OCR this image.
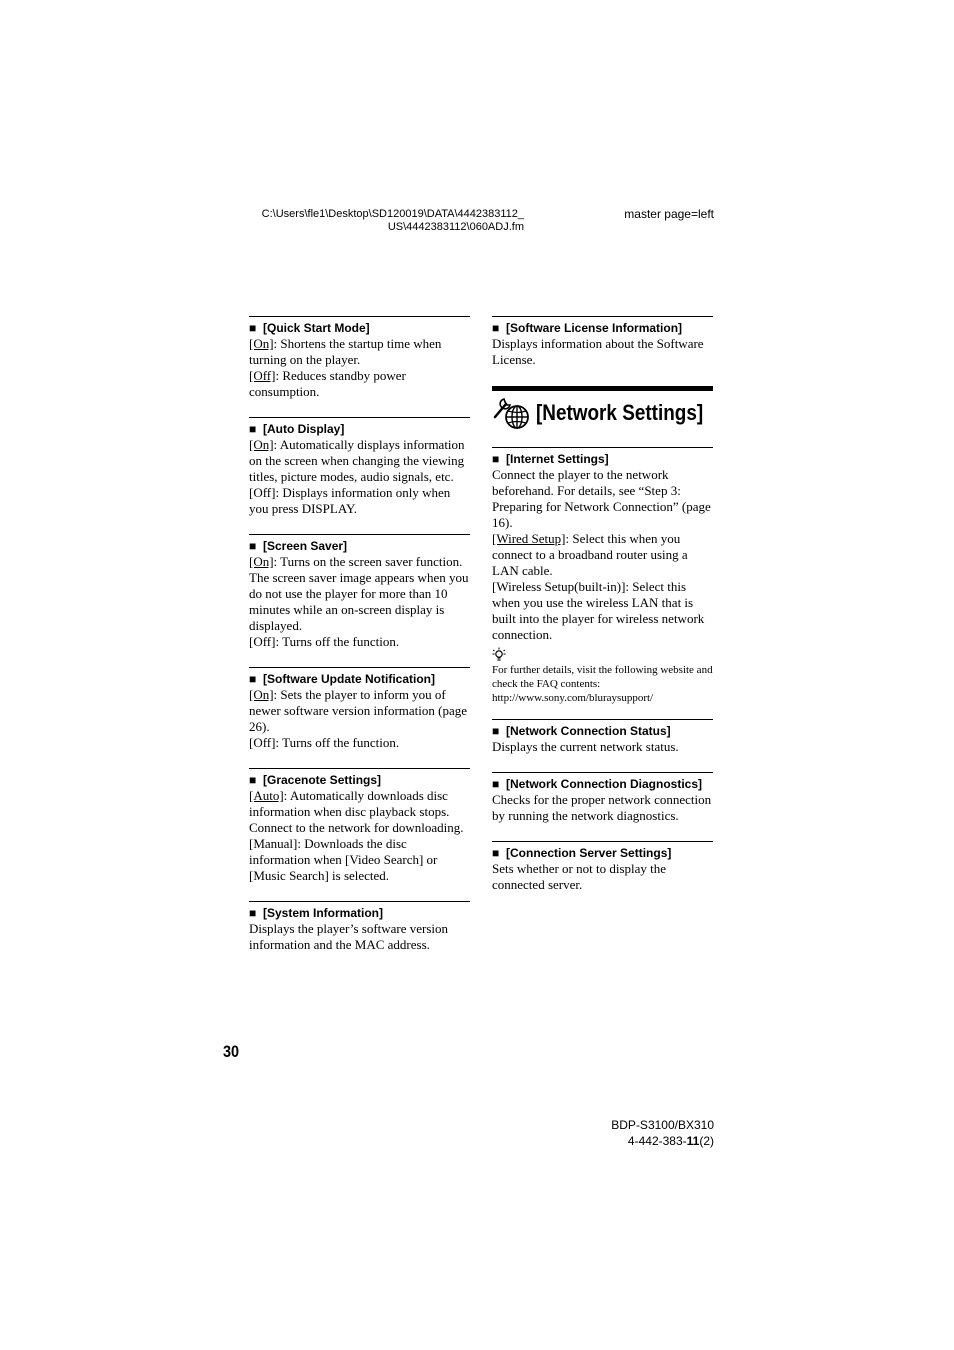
C:\Users\fle1\Desktop\SD120019\DATA\4442383112_
US\4442383112\060ADJ.fm
master page=left
■ [Quick Start Mode]

[On]: Shortens the startup time when turning on the player.
[Off]: Reduces standby power consumption.

■ [Auto Display]

[On]: Automatically displays information on the screen when changing the viewing titles, picture modes, audio signals, etc.
[Off]: Displays information only when you press DISPLAY.

■ [Screen Saver]

[On]: Turns on the screen saver function. The screen saver image appears when you do not use the player for more than 10 minutes while an on-screen display is displayed.
[Off]: Turns off the function.

■ [Software Update Notification]

[On]: Sets the player to inform you of newer software version information (page 26).
[Off]: Turns off the function.

■ [Gracenote Settings]

[Auto]: Automatically downloads disc information when disc playback stops. Connect to the network for downloading.
[Manual]: Downloads the disc information when [Video Search] or [Music Search] is selected.

■ [System Information]

Displays the player’s software version information and the MAC address.

■ [Software License Information]

Displays information about the Software License.

[Network Settings]
■ [Internet Settings]

Connect the player to the network beforehand. For details, see “Step 3: Preparing for Network Connection” (page 16).
[Wired Setup]: Select this when you connect to a broadband router using a LAN cable.
[Wireless Setup(built-in)]: Select this when you use the wireless LAN that is built into the player for wireless network connection.

For further details, visit the following website and check the FAQ contents:
http://www.sony.com/bluraysupport/

■ [Network Connection Status]

Displays the current network status.

■ [Network Connection Diagnostics]

Checks for the proper network connection by running the network diagnostics.

■ [Connection Server Settings]

Sets whether or not to display the connected server.

30
BDP-S3100/BX310
4-442-383-11(2)
